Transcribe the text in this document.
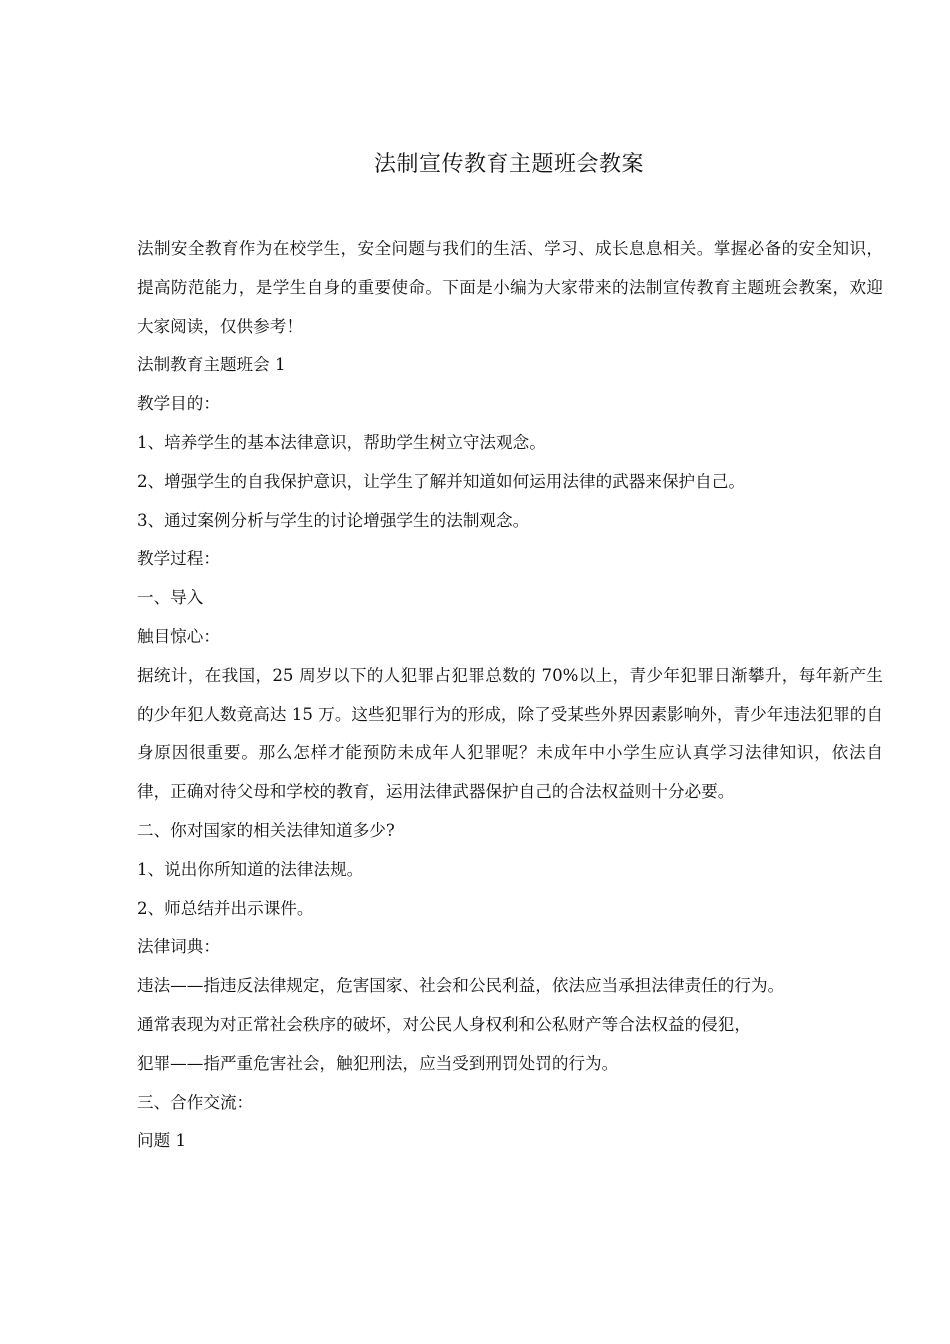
法制宣传教育主题班会教案

法制安全教育作为在校学生，安全问题与我们的生活、学习、成长息息相关。掌握必备的安全知识，提高防范能力，是学生自身的重要使命。下面是小编为大家带来的法制宣传教育主题班会教案，欢迎大家阅读，仅供参考！

法制教育主题班会 1

教学目的：

1、培养学生的基本法律意识，帮助学生树立守法观念。

2、增强学生的自我保护意识，让学生了解并知道如何运用法律的武器来保护自己。

3、通过案例分析与学生的讨论增强学生的法制观念。

教学过程：

一、导入

触目惊心：

据统计，在我国，25 周岁以下的人犯罪占犯罪总数的 70%以上，青少年犯罪日渐攀升，每年新产生的少年犯人数竟高达 15 万。这些犯罪行为的形成，除了受某些外界因素影响外，青少年违法犯罪的自身原因很重要。那么怎样才能预防未成年人犯罪呢？未成年中小学生应认真学习法律知识，依法自律，正确对待父母和学校的教育，运用法律武器保护自己的合法权益则十分必要。

二、你对国家的相关法律知道多少?

1、说出你所知道的法律法规。

2、师总结并出示课件。

法律词典：

违法——指违反法律规定，危害国家、社会和公民利益，依法应当承担法律责任的行为。

通常表现为对正常社会秩序的破坏，对公民人身权利和公私财产等合法权益的侵犯，

犯罪——指严重危害社会，触犯刑法，应当受到刑罚处罚的行为。

三、合作交流：

问题 1
